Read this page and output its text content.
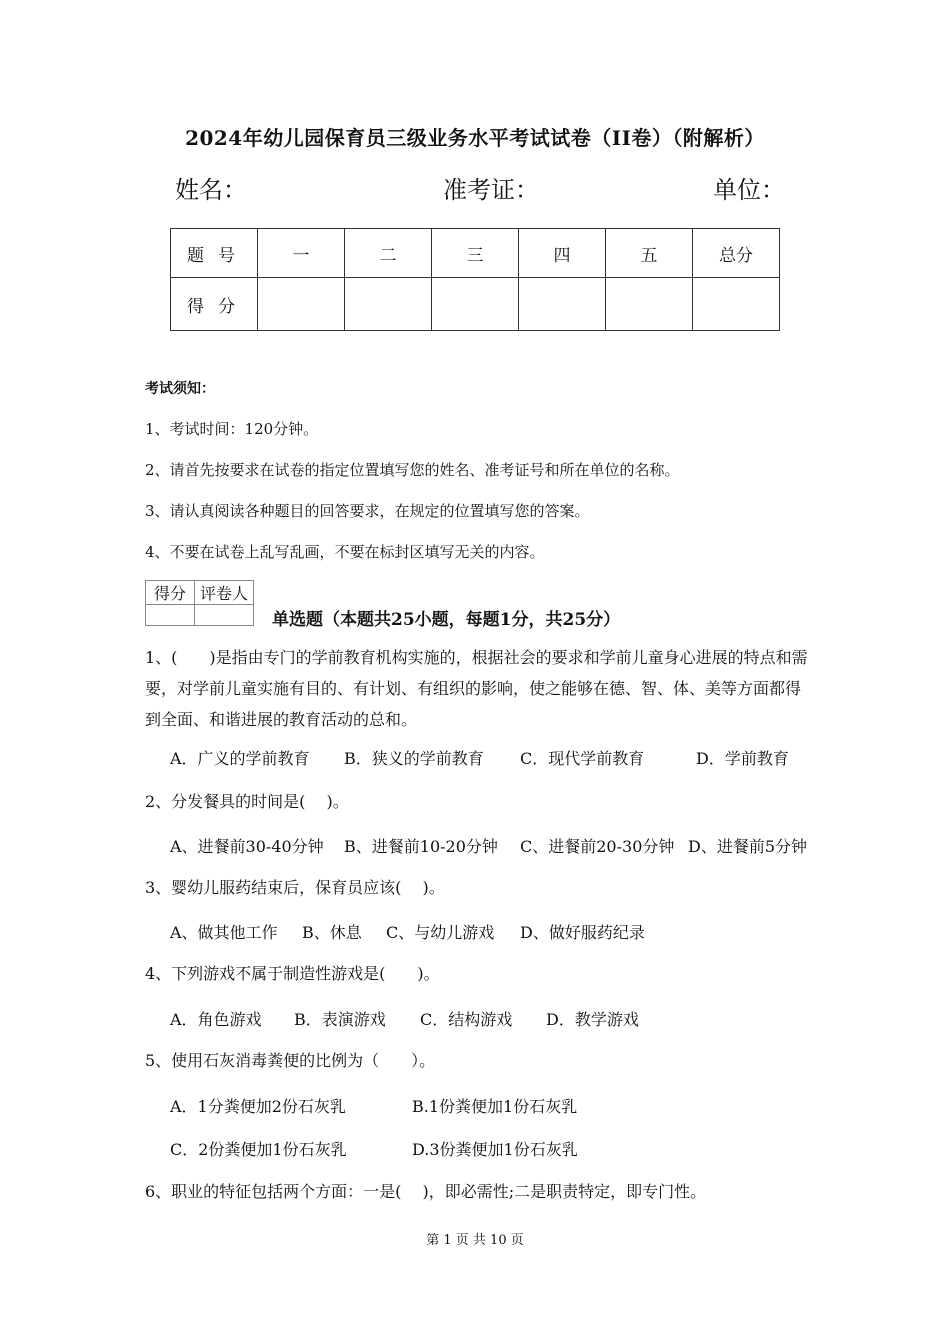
2024年幼儿园保育员三级业务水平考试试卷（II卷）（附解析）
姓名：	准考证：	单位：
题号	一	二	三	四	五	总分
得分						
考试须知：
1、考试时间：120分钟。
2、请首先按要求在试卷的指定位置填写您的姓名、准考证号和所在单位的名称。
3、请认真阅读各种题目的回答要求，在规定的位置填写您的答案。
4、不要在试卷上乱写乱画，不要在标封区填写无关的内容。
得分	评卷人

单选题（本题共25小题，每题1分，共25分）
1、(　　)是指由专门的学前教育机构实施的，根据社会的要求和学前儿童身心进展的特点和需要，对学前儿童实施有目的、有计划、有组织的影响，使之能够在德、智、体、美等方面都得到全面、和谐进展的教育活动的总和。
A．广义的学前教育 B．狭义的学前教育 C．现代学前教育	D．学前教育
2、分发餐具的时间是(　 )。
A、进餐前30-40分钟 B、进餐前10-20分钟 C、进餐前20-30分钟 D、进餐前5分钟
3、婴幼儿服药结束后，保育员应该(　 )。
A、做其他工作 B、休息 C、与幼儿游戏 D、做好服药纪录
4、下列游戏不属于制造性游戏是(　　)。
A．角色游戏 B．表演游戏 C．结构游戏 D．教学游戏
5、使用石灰消毒粪便的比例为（　　）。
A．1分粪便加2份石灰乳	B.1份粪便加1份石灰乳
C．2份粪便加1份石灰乳	D.3份粪便加1份石灰乳
6、职业的特征包括两个方面：一是(　 )，即必需性;二是职责特定，即专门性。
第 1 页 共 10 页
